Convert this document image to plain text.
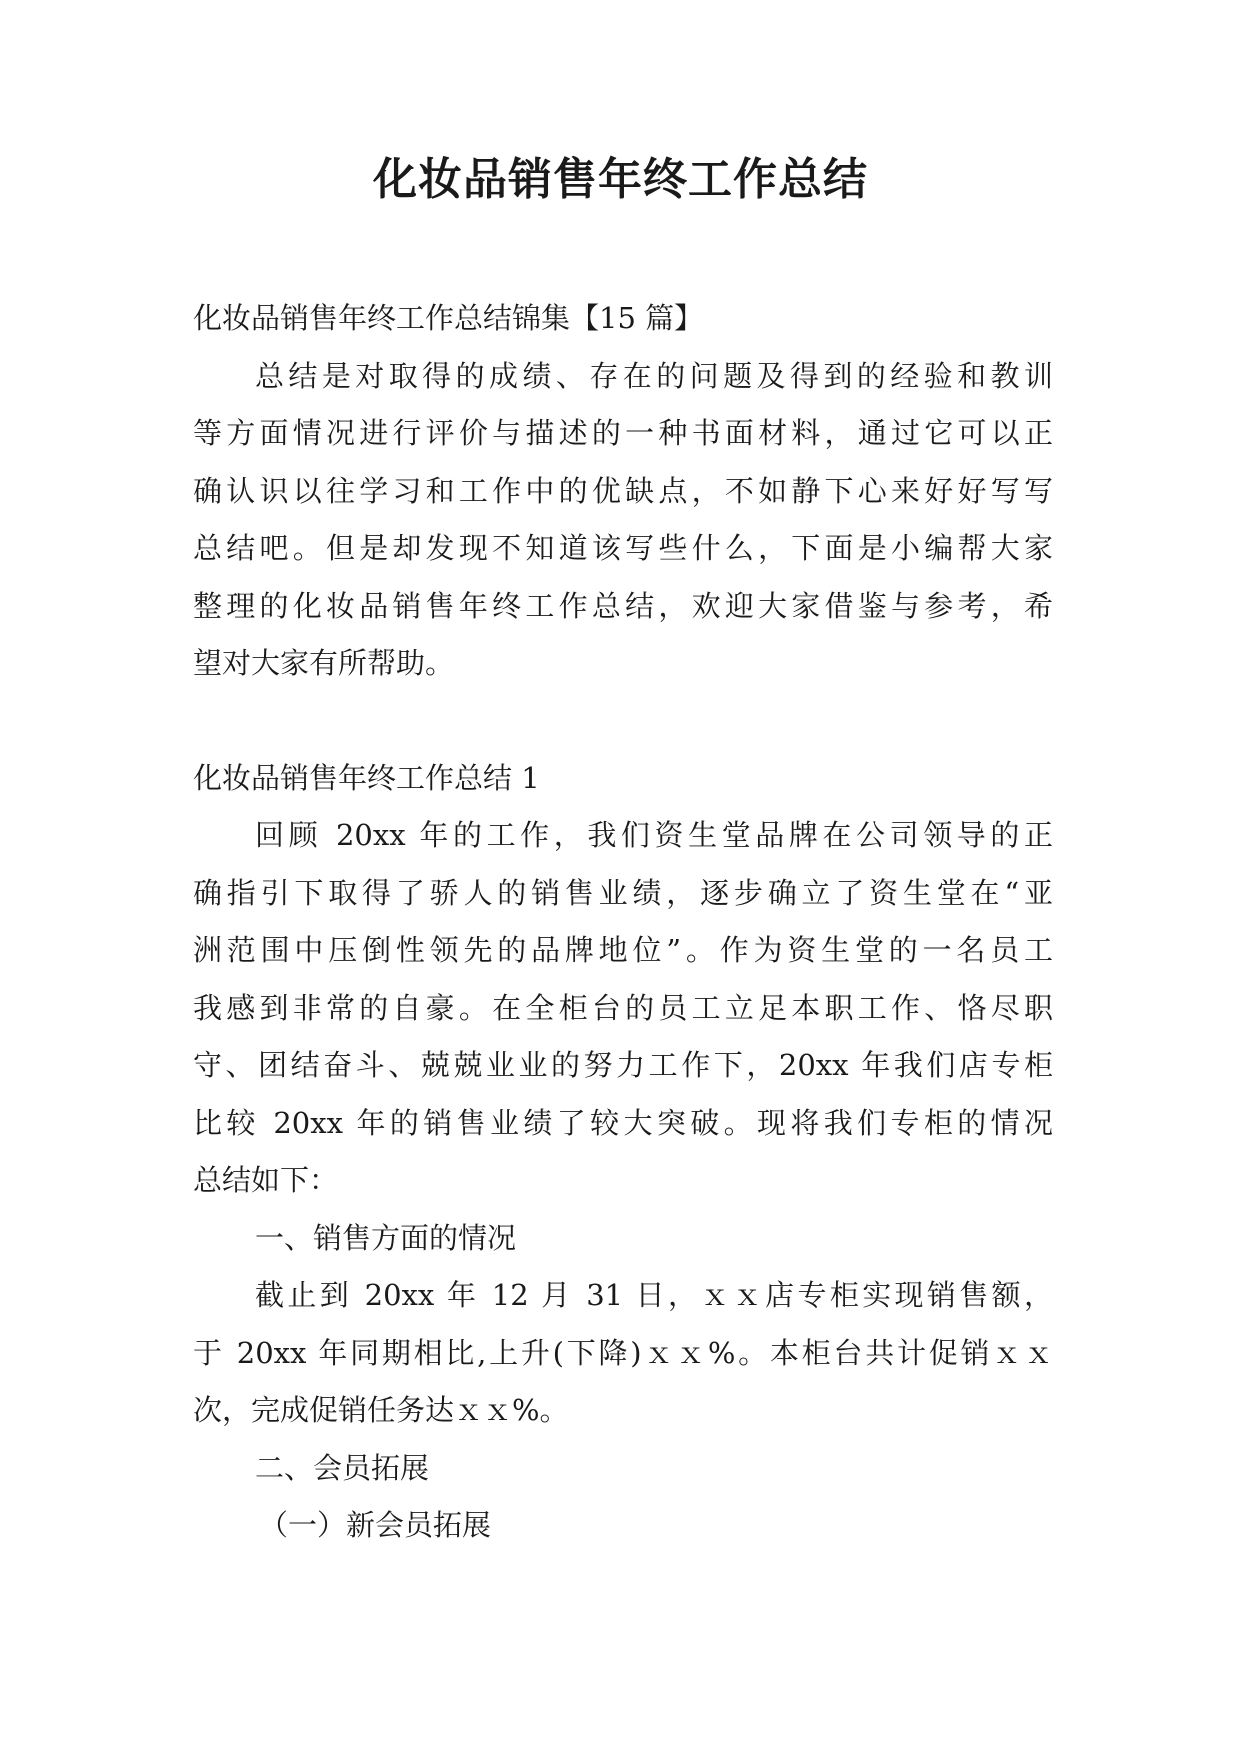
化妆品销售年终工作总结

化妆品销售年终工作总结锦集【15 篇】

总结是对取得的成绩、存在的问题及得到的经验和教训

等方面情况进行评价与描述的一种书面材料，通过它可以正

确认识以往学习和工作中的优缺点，不如静下心来好好写写

总结吧。但是却发现不知道该写些什么，下面是小编帮大家

整理的化妆品销售年终工作总结，欢迎大家借鉴与参考，希

望对大家有所帮助。

化妆品销售年终工作总结 1

回顾 20xx 年的工作，我们资生堂品牌在公司领导的正

确指引下取得了骄人的销售业绩，逐步确立了资生堂在“亚

洲范围中压倒性领先的品牌地位”。作为资生堂的一名员工

我感到非常的自豪。在全柜台的员工立足本职工作、恪尽职

守、团结奋斗、兢兢业业的努力工作下，20xx 年我们店专柜

比较 20xx 年的销售业绩了较大突破。现将我们专柜的情况

总结如下：

一、销售方面的情况

截止到 20xx 年 12 月 31 日，ｘｘ店专柜实现销售额，

于 20xx 年同期相比,上升(下降)ｘｘ%。本柜台共计促销ｘｘ

次，完成促销任务达ｘｘ%。

二、会员拓展

（一）新会员拓展
